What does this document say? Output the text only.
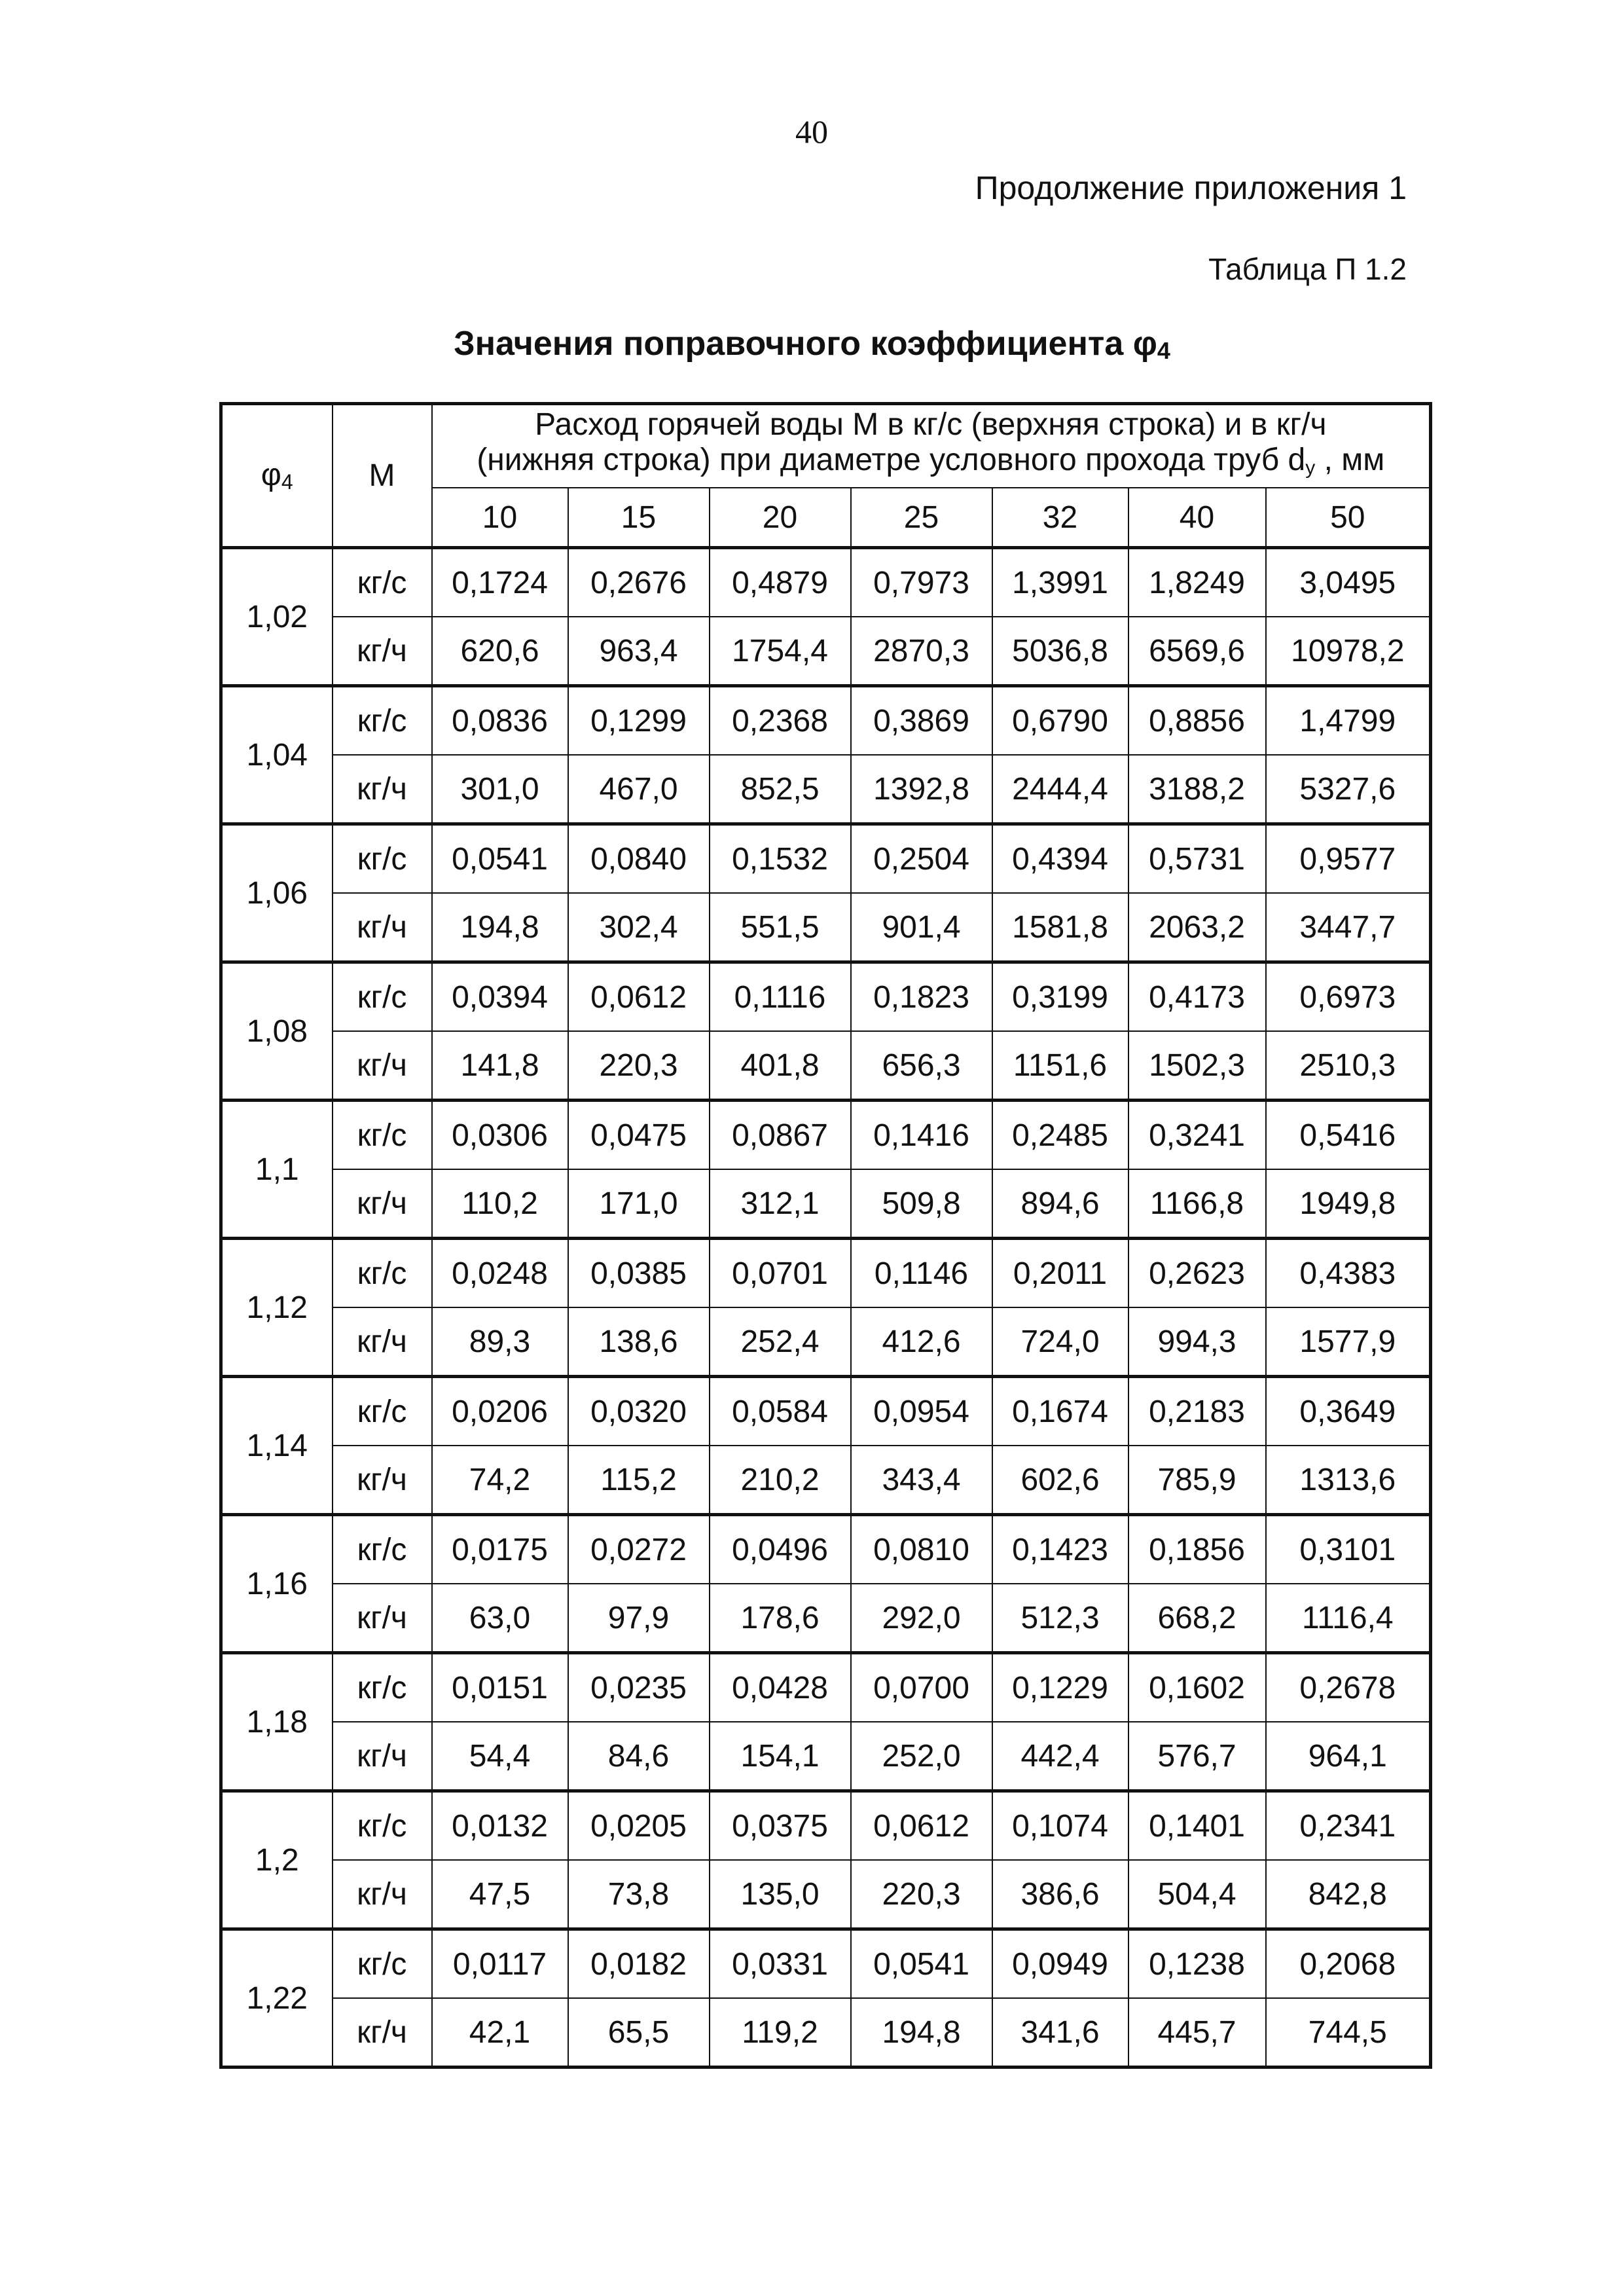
40
Продолжение приложения 1
Таблица П 1.2
Значения поправочного коэффициента φ4
φ4	М	Расход горячей воды М в кг/с (верхняя строка) и в кг/ч
(нижняя строка) при диаметре условного прохода труб dу , мм						
		10	15	20	25	32	40	50
1,02	кг/с	0,1724	0,2676	0,4879	0,7973	1,3991	1,8249	3,0495
	кг/ч	620,6	963,4	1754,4	2870,3	5036,8	6569,6	10978,2
1,04	кг/с	0,0836	0,1299	0,2368	0,3869	0,6790	0,8856	1,4799
	кг/ч	301,0	467,0	852,5	1392,8	2444,4	3188,2	5327,6
1,06	кг/с	0,0541	0,0840	0,1532	0,2504	0,4394	0,5731	0,9577
	кг/ч	194,8	302,4	551,5	901,4	1581,8	2063,2	3447,7
1,08	кг/с	0,0394	0,0612	0,1116	0,1823	0,3199	0,4173	0,6973
	кг/ч	141,8	220,3	401,8	656,3	1151,6	1502,3	2510,3
1,1	кг/с	0,0306	0,0475	0,0867	0,1416	0,2485	0,3241	0,5416
	кг/ч	110,2	171,0	312,1	509,8	894,6	1166,8	1949,8
1,12	кг/с	0,0248	0,0385	0,0701	0,1146	0,2011	0,2623	0,4383
	кг/ч	89,3	138,6	252,4	412,6	724,0	994,3	1577,9
1,14	кг/с	0,0206	0,0320	0,0584	0,0954	0,1674	0,2183	0,3649
	кг/ч	74,2	115,2	210,2	343,4	602,6	785,9	1313,6
1,16	кг/с	0,0175	0,0272	0,0496	0,0810	0,1423	0,1856	0,3101
	кг/ч	63,0	97,9	178,6	292,0	512,3	668,2	1116,4
1,18	кг/с	0,0151	0,0235	0,0428	0,0700	0,1229	0,1602	0,2678
	кг/ч	54,4	84,6	154,1	252,0	442,4	576,7	964,1
1,2	кг/с	0,0132	0,0205	0,0375	0,0612	0,1074	0,1401	0,2341
	кг/ч	47,5	73,8	135,0	220,3	386,6	504,4	842,8
1,22	кг/с	0,0117	0,0182	0,0331	0,0541	0,0949	0,1238	0,2068
	кг/ч	42,1	65,5	119,2	194,8	341,6	445,7	744,5
